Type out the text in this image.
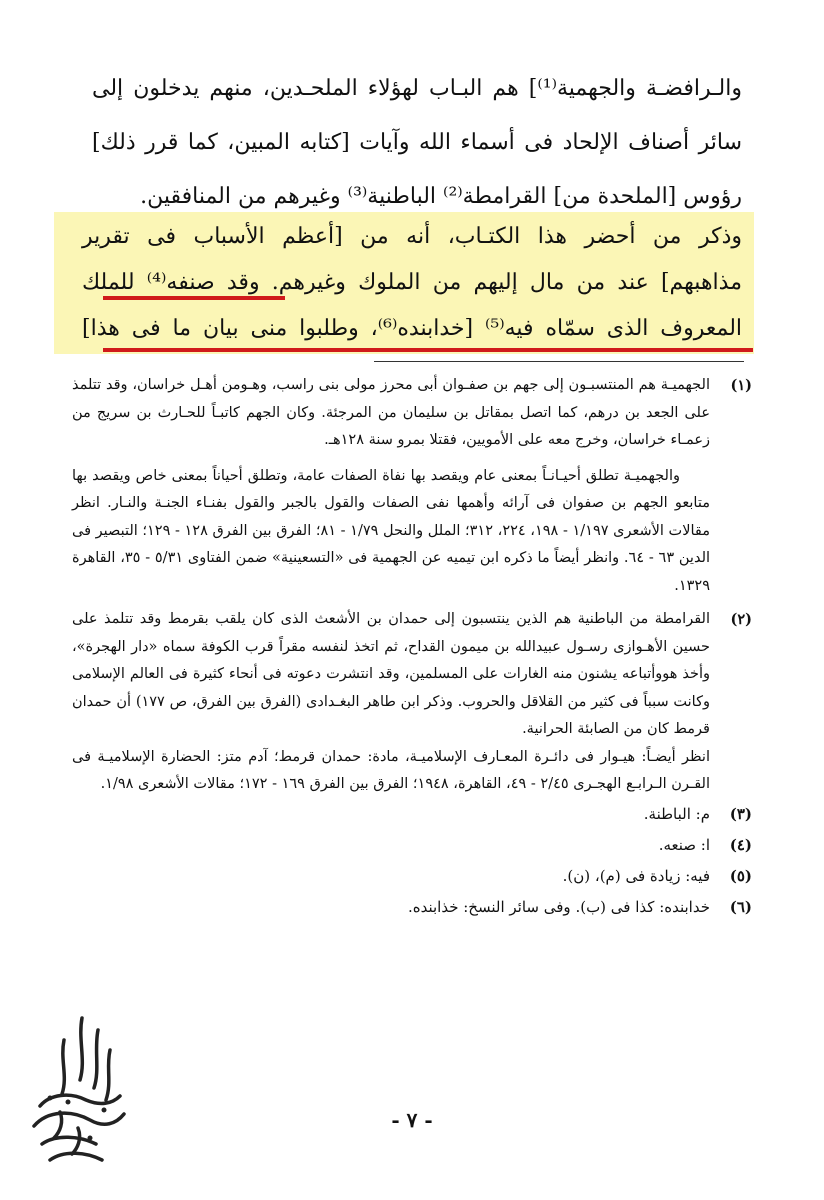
والـرافضـة والجهمية⁽¹⁾] هم البـاب لهؤلاء الملحـدين، منهم يدخلون إلى

سائر أصناف الإلحاد فى أسماء الله وآيات [كتابه المبين، كما قرر ذلك]

رؤوس [الملحدة من] القرامطة⁽²⁾ الباطنية⁽³⁾ وغيرهم من المنافقين.

وذكر من أحضر هذا الكتـاب، أنه من [أعظم الأسباب فى تقرير

مذاهبهم] عند من مال إليهم من الملوك وغيرهم. وقد صنفه⁽⁴⁾ للملك

المعروف الذى سمّاه فيه⁽⁵⁾ [خدابنده⁽⁶⁾، وطلبوا منى بيان ما فى هذا]

(١)

الجهميـة هم المنتسبـون إلى جهم بن صفـوان أبى محرز مولى بنى راسب، وهـومن أهـل خراسان، وقد تتلمذ على الجعد بن درهم، كما اتصل بمقاتل بن سليمان من المرجئة. وكان الجهم كاتبـاً للحـارث بن سريج من زعمـاء خراسان، وخرج معه على الأمويين، فقتلا بمرو سنة ١٢٨هـ.

والجهميـة تطلق أحيـانـاً بمعنى عام ويقصد بها نفاة الصفات عامة، وتطلق أحياناً بمعنى خاص ويقصد بها متابعو الجهم بن صفوان فى آرائه وأهمها نفى الصفات والقول بالجبر والقول بفنـاء الجنـة والنـار. انظر مقالات الأشعرى ١/١٩٧ - ١٩٨، ٢٢٤، ٣١٢؛ الملل والنحل ١/٧٩ - ٨١؛ الفرق بين الفرق ١٢٨ - ١٢٩؛ التبصير فى الدين ٦٣ - ٦٤. وانظر أيضاً ما ذكره ابن تيميه عن الجهمية فى «التسعينية» ضمن الفتاوى ٥/٣١ - ٣٥، القاهرة ١٣٢٩.

(٢)

القرامطة من الباطنية هم الذين ينتسبون إلى حمدان بن الأشعث الذى كان يلقب بقرمط وقد تتلمذ على حسين الأهـوازى رسـول عبيدالله بن ميمون القداح، ثم اتخذ لنفسه مقراً قرب الكوفة سماه «دار الهجرة»، وأخذ هووأتباعه يشنون منه الغارات على المسلمين، وقد انتشرت دعوته فى أنحاء كثيرة فى العالم الإسلامى وكانت سبباً فى كثير من القلاقل والحروب. وذكر ابن طاهر البغـدادى (الفرق بين الفرق، ص ١٧٧) أن حمدان قرمط كان من الصابئة الحرانية.

انظر أيضـاً: هيـوار فى دائـرة المعـارف الإسلاميـة، مادة: حمدان قرمط؛ آدم متز: الحضارة الإسلاميـة فى القـرن الـرابـع الهجـرى ٢/٤٥ - ٤٩، القاهرة، ١٩٤٨؛ الفرق بين الفرق ١٦٩ - ١٧٢؛ مقالات الأشعرى ١/٩٨.

(٣)

م: الباطنة.

(٤)

ا: صنعه.

(٥)

فيه: زيادة فى (م)، (ن).

(٦)

خدابنده: كذا فى (ب). وفى سائر النسخ: خذابنده.

- ٧ -
